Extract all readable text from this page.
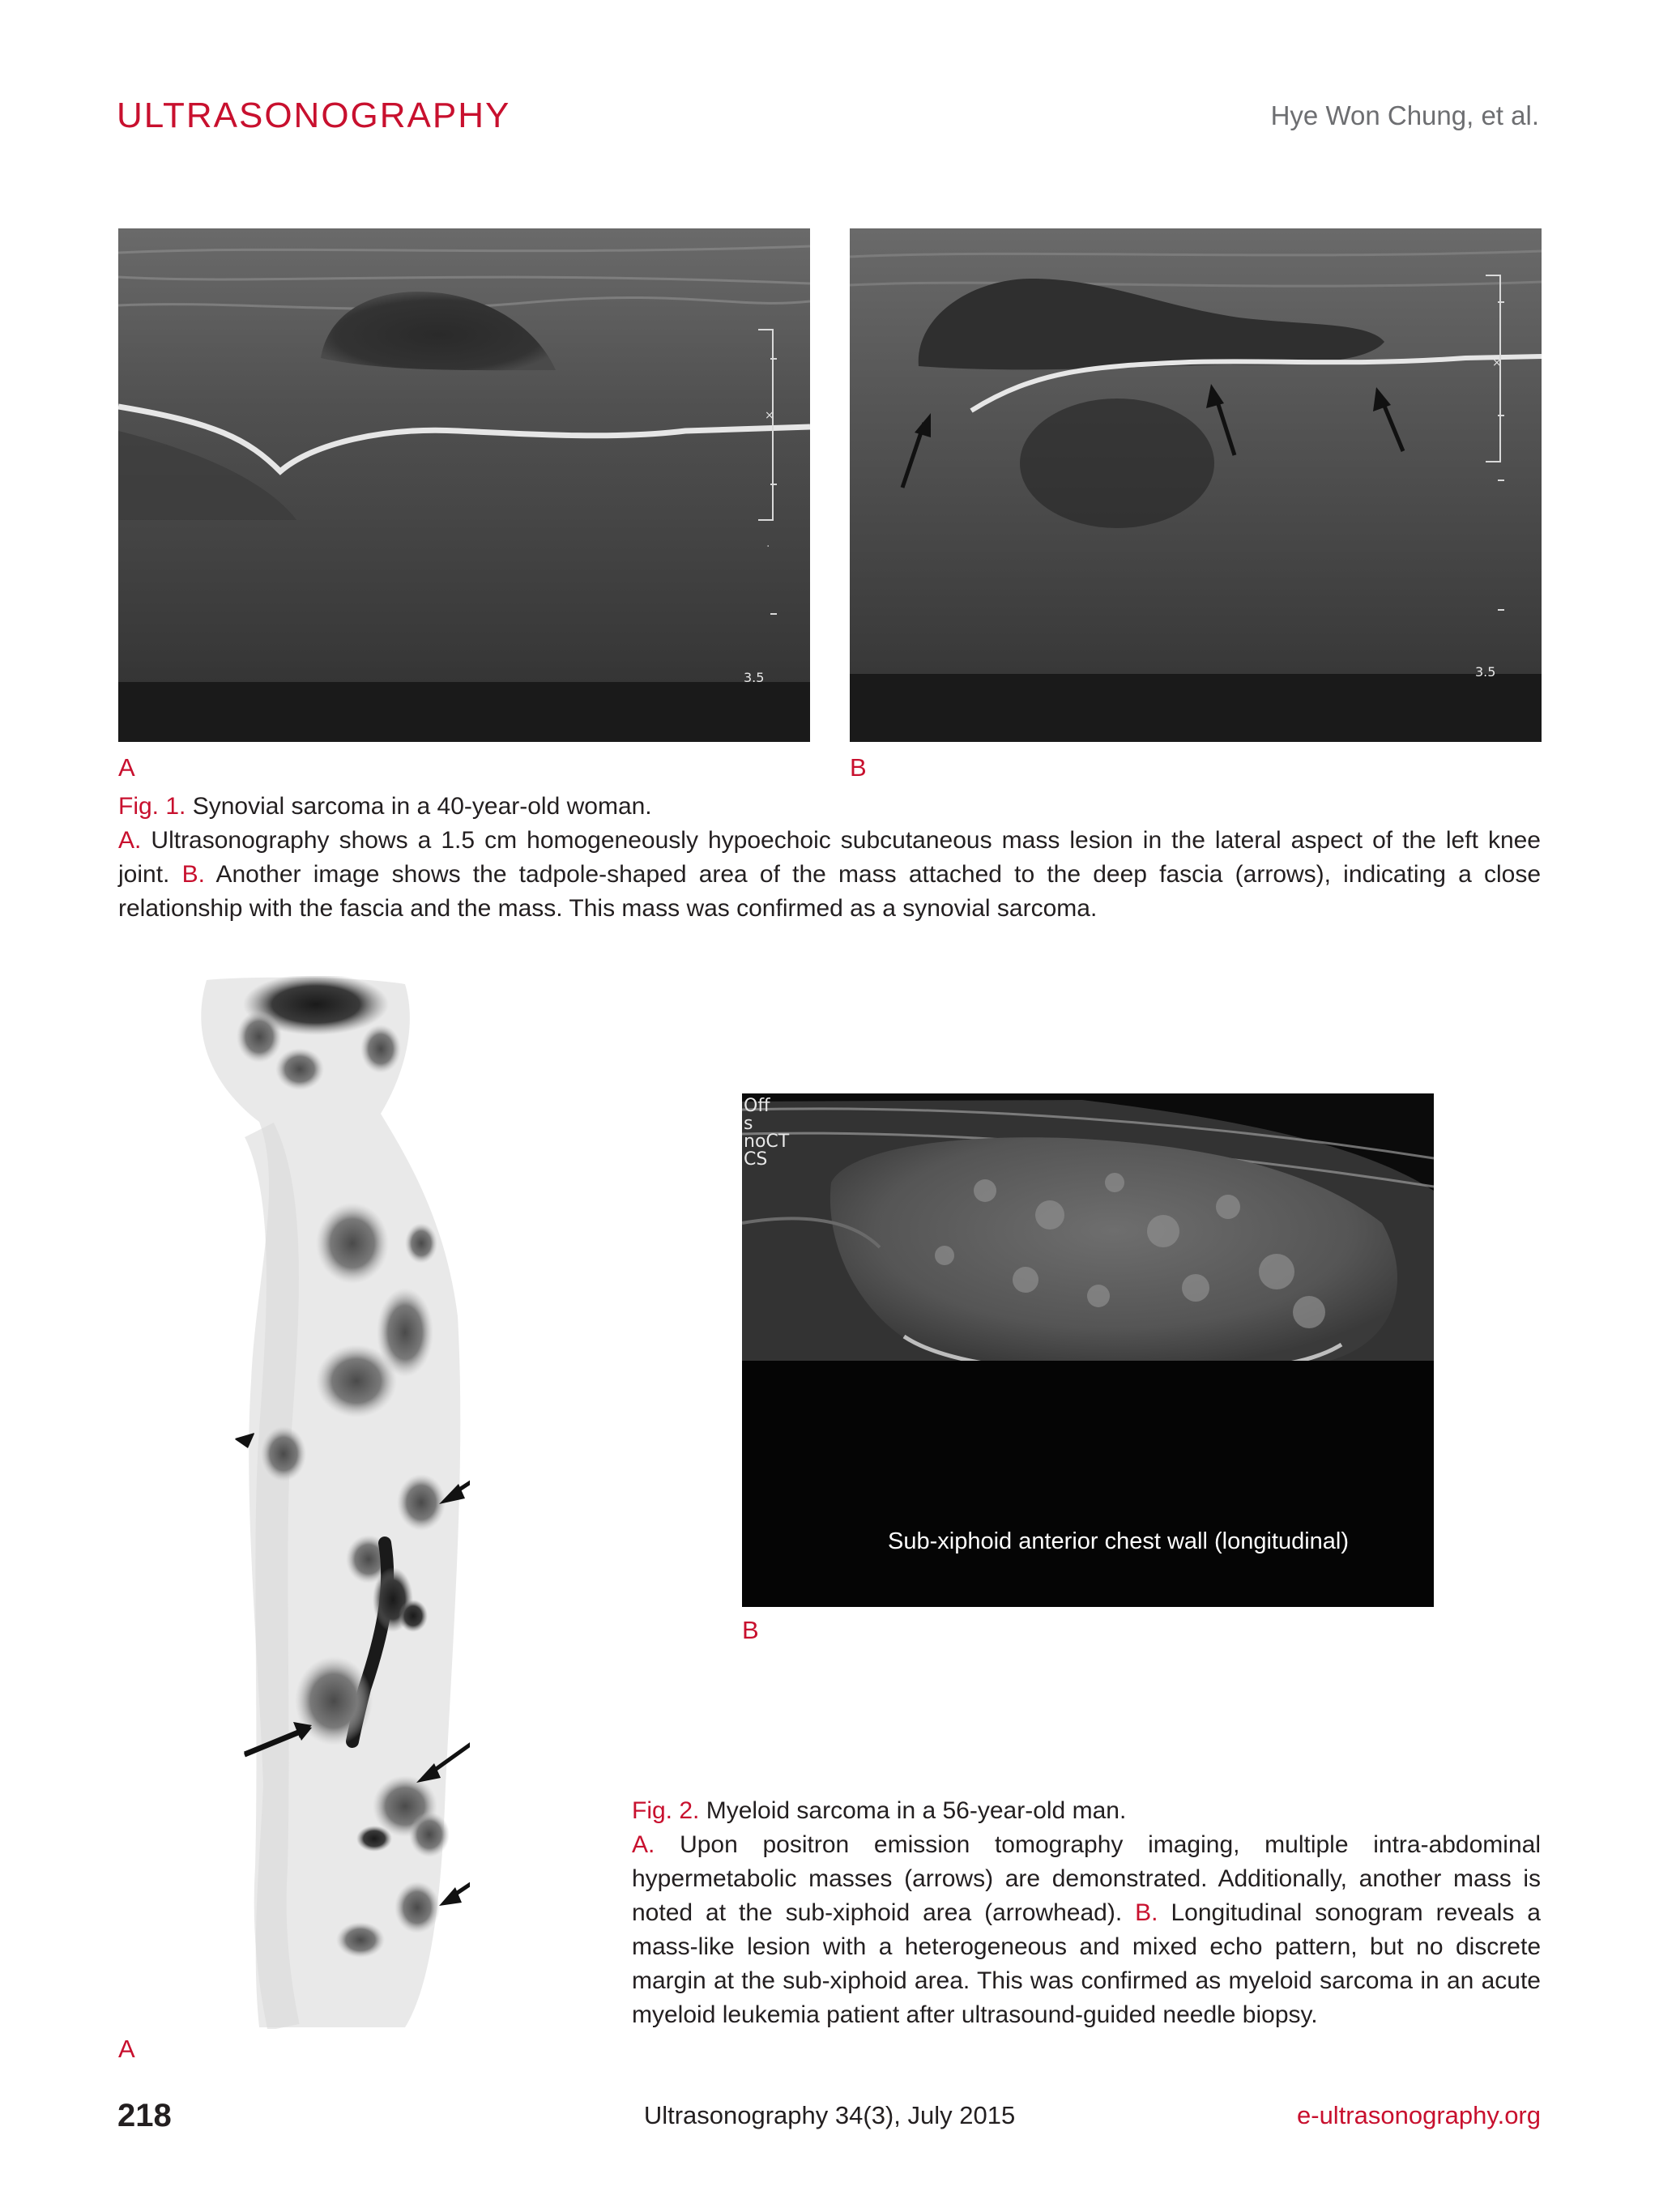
ULTRASONOGRAPHY	Hye Won Chung, et al.
×
.
3.5
×
3.5
A	B
Fig. 1. Synovial sarcoma in a 40-year-old woman.
A. Ultrasonography shows a 1.5 cm homogeneously hypoechoic subcutaneous mass lesion in the lateral aspect of the left knee joint. B. Another image shows the tadpole-shaped area of the mass attached to the deep fascia (arrows), indicating a close relationship with the fascia and the mass. This mass was confirmed as a synovial sarcoma.
A
Off
s
noCT
CS
Sub-xiphoid anterior chest wall (longitudinal)
B
Fig. 2. Myeloid sarcoma in a 56-year-old man.
A. Upon positron emission tomography imaging, multiple intra-abdominal hypermetabolic masses (arrows) are demonstrated. Additionally, another mass is noted at the sub-xiphoid area (arrowhead). B. Longitudinal sonogram reveals a mass-like lesion with a heterogeneous and mixed echo pattern, but no discrete margin at the sub-xiphoid area. This was confirmed as myeloid sarcoma in an acute myeloid leukemia patient after ultrasound-guided needle biopsy.
Ultrasonography 34(3), July 2015
218	e-ultrasonography.org
